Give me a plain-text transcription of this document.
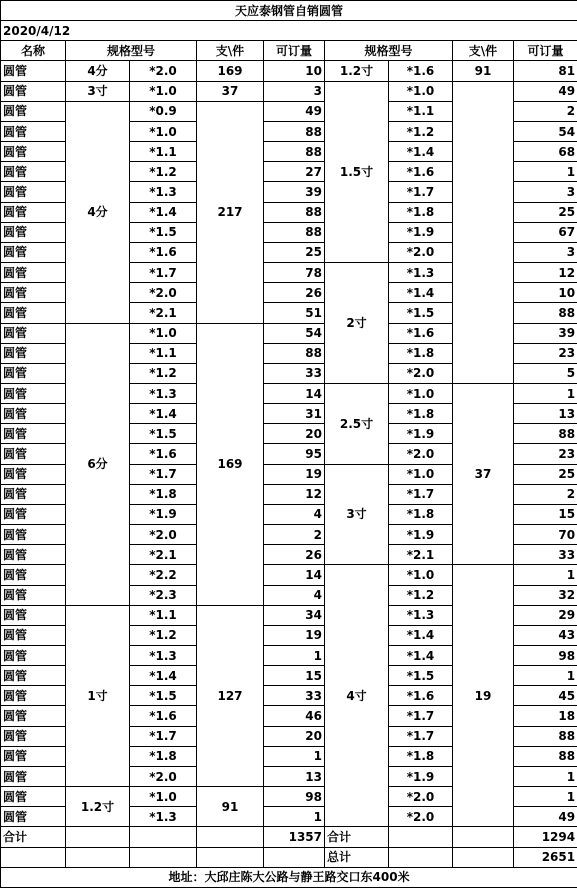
天应泰钢管自销圆管								
2020/4/12								
名称	规格型号		支\件	可订量	规格型号		支\件	可订量
圆管	4分	*2.0	169	10	1.2寸	*1.6	91	81
圆管	3寸	*1.0	37	3	1.5寸	*1.0		49
圆管	4分	*0.9	217	49		*1.1		2
圆管		*1.0		88		*1.2		54
圆管		*1.1		88		*1.4		68
圆管		*1.2		27		*1.6		1
圆管		*1.3		39		*1.7		3
圆管		*1.4		88		*1.8		25
圆管		*1.5		88		*1.9		67
圆管		*1.6		25		*2.0		3
圆管		*1.7		78	2寸	*1.3		12
圆管		*2.0		26		*1.4		10
圆管		*2.1		51		*1.5		88
圆管	6分	*1.0	169	54		*1.6		39
圆管		*1.1		88		*1.8		23
圆管		*1.2		33		*2.0		5
圆管		*1.3		14	2.5寸	*1.0	37	1
圆管		*1.4		31		*1.8		13
圆管		*1.5		20		*1.9		88
圆管		*1.6		95		*2.0		23
圆管		*1.7		19	3寸	*1.0		25
圆管		*1.8		12		*1.7		2
圆管		*1.9		4		*1.8		15
圆管		*2.0		2		*1.9		70
圆管		*2.1		26		*2.1		33
圆管		*2.2		14	4寸	*1.0	19	1
圆管		*2.3		4		*1.2		32
圆管	1寸	*1.1	127	34		*1.3		29
圆管		*1.2		19		*1.4		43
圆管		*1.3		1		*1.4		98
圆管		*1.4		15		*1.5		1
圆管		*1.5		33		*1.6		45
圆管		*1.6		46		*1.7		18
圆管		*1.7		20		*1.7		88
圆管		*1.8		1		*1.8		88
圆管		*2.0		13		*1.9		1
圆管	1.2寸	*1.0	91	98		*2.0		1
圆管		*1.3		1		*2.0		49
合计				1357	合计			1294
					总计			2651
地址：大邱庄陈大公路与静王路交口东400米								
